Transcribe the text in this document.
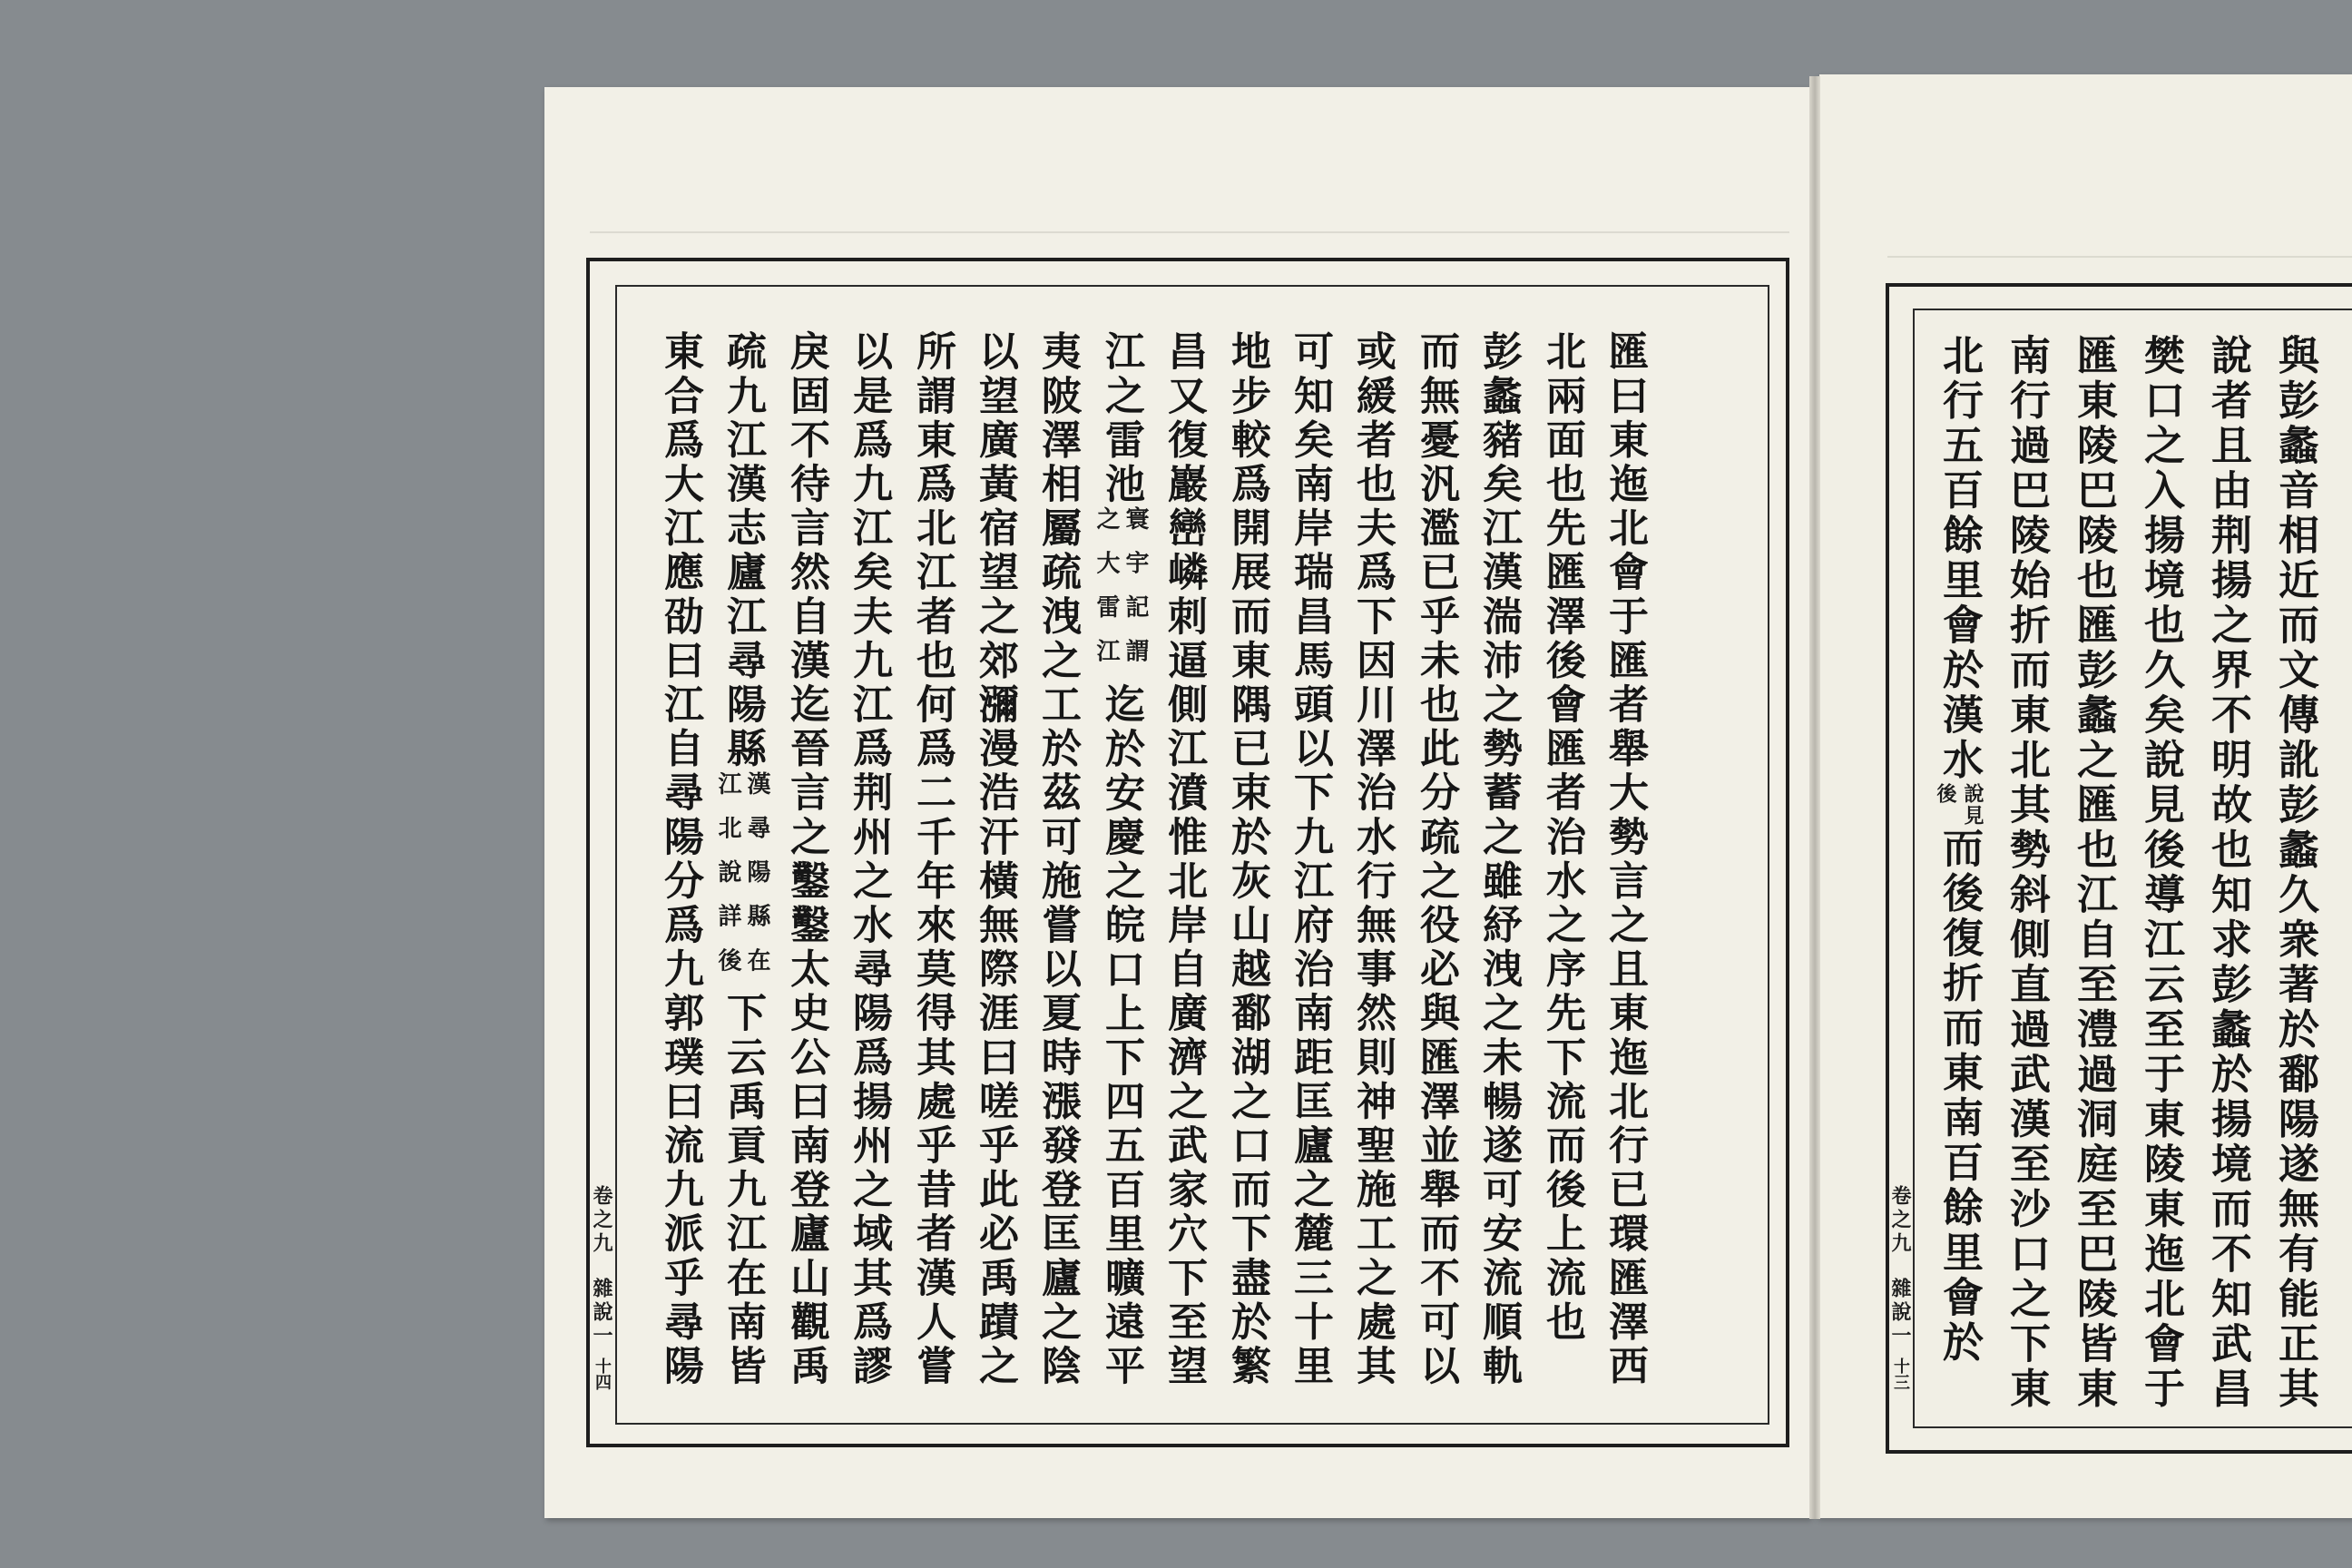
匯曰東迤北會于匯者舉大勢言之且東迤北行已環匯澤西
北兩面也先匯澤後會匯者治水之序先下流而後上流也
彭蠡豬矣江漢湍沛之勢蓄之雖紓洩之未暢遂可安流順軌
而無憂汎濫已乎未也此分疏之役必與匯澤並舉而不可以
或緩者也夫爲下因川澤治水行無事然則神聖施工之處其
可知矣南岸瑞昌馬頭以下九江府治南距匡廬之麓三十里
地步較爲開展而東隅已束於灰山越鄱湖之口而下盡於繁
昌又復巖巒嶙刺逼側江濆惟北岸自廣濟之武家穴下至望
江之雷池
寰宇記謂
之大雷江
迄於安慶之皖口上下四五百里曠遠平
夷陂澤相屬疏洩之工於茲可施嘗以夏時漲發登匡廬之陰
以望廣黃宿望之郊瀰漫浩汗橫無際涯曰嗟乎此必禹蹟之
所謂東爲北江者也何爲二千年來莫得其處乎昔者漢人嘗
以是爲九江矣夫九江爲荆州之水尋陽爲揚州之域其爲謬
戾固不待言然自漢迄晉言之鑿鑿太史公曰南登廬山觀禹
疏九江漢志廬江尋陽縣
漢尋陽縣在
江北說詳後
下云禹貢九江在南皆
東合爲大江應劭曰江自尋陽分爲九郭璞曰流九派乎尋陽
卷之九
雜說一
十四	與彭蠡音相近而文傳訛彭蠡久衆著於鄱陽遂無有能正其
說者且由荆揚之界不明故也知求彭蠡於揚境而不知武昌
樊口之入揚境也久矣說見後導江云至于東陵東迤北會于
匯東陵巴陵也匯彭蠡之匯也江自至澧過洞庭至巴陵皆東
南行過巴陵始折而東北其勢斜側直過武漢至沙口之下東
北行五百餘里會於漢水
說見
後
而後復折而東南百餘里會於
卷之九
雜說一
十三
